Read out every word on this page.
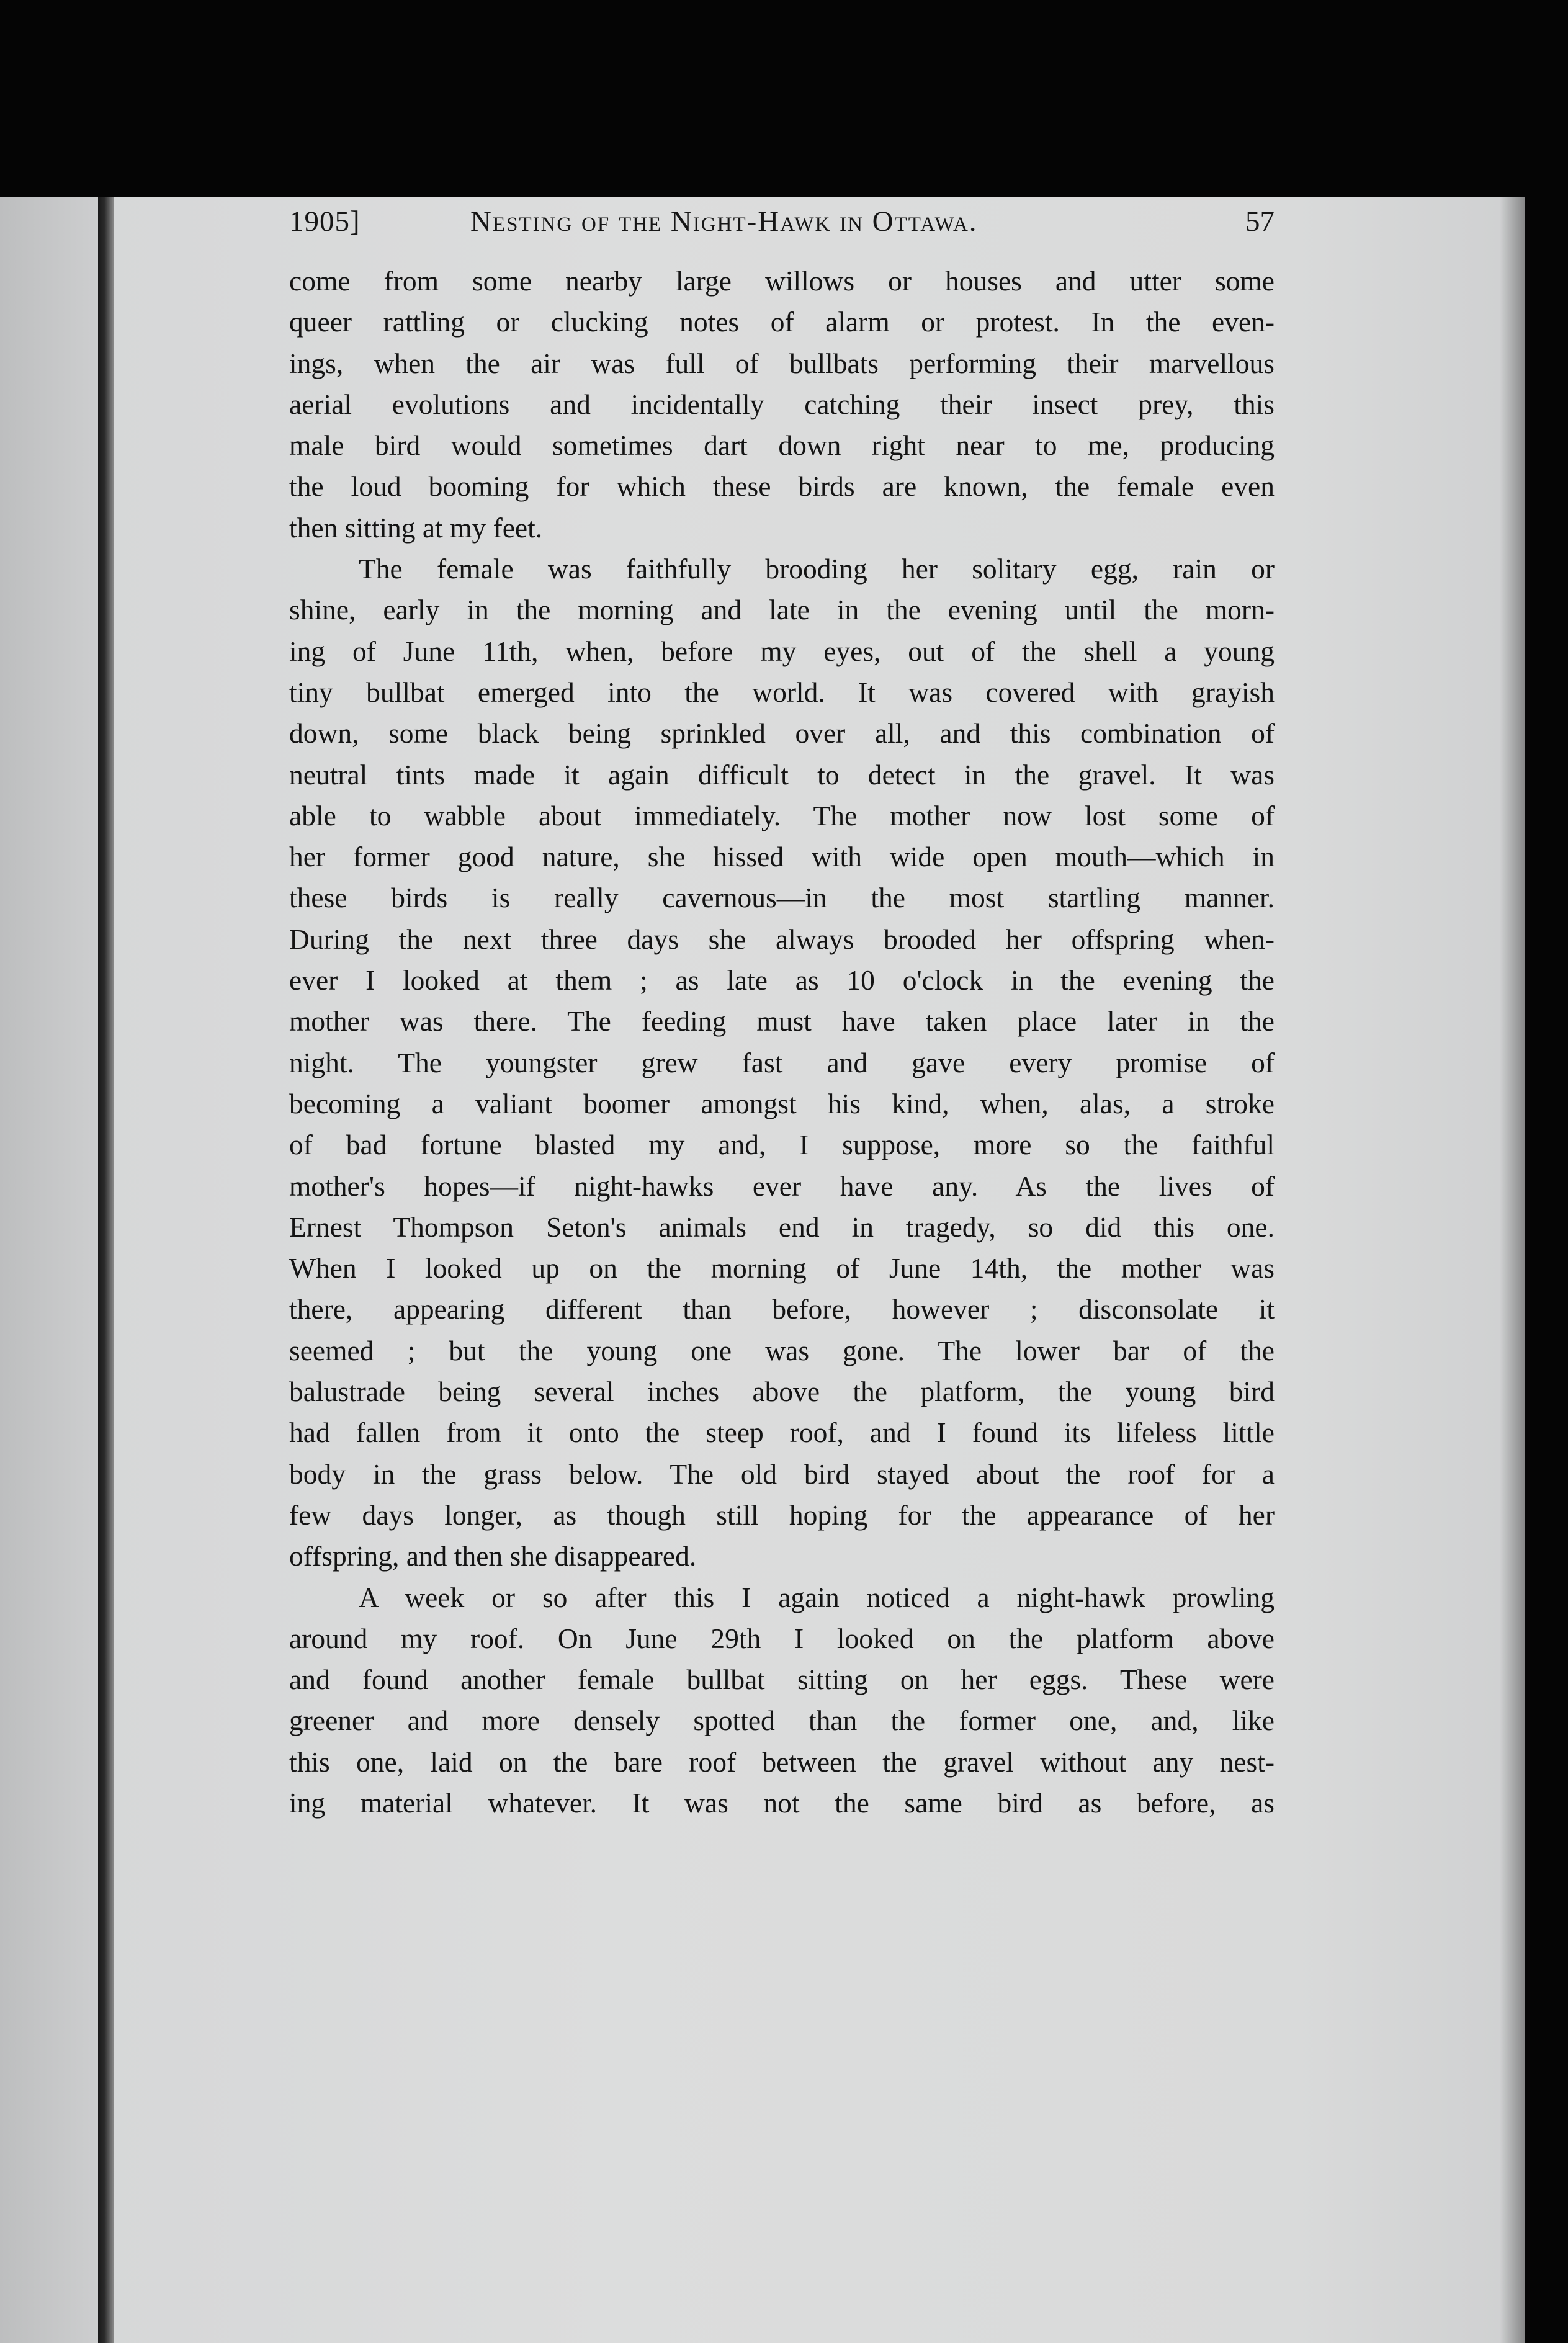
1905]	Nesting of the Night-Hawk in Ottawa.	57
come from some nearby large willows or houses and utter some
queer rattling or clucking notes of alarm or protest. In the even-
ings, when the air was full of bullbats performing their marvellous
aerial evolutions and incidentally catching their insect prey, this
male bird would sometimes dart down right near to me, producing
the loud booming for which these birds are known, the female even
then sitting at my feet.
The female was faithfully brooding her solitary egg, rain or
shine, early in the morning and late in the evening until the morn-
ing of June 11th, when, before my eyes, out of the shell a young
tiny bullbat emerged into the world. It was covered with grayish
down, some black being sprinkled over all, and this combination of
neutral tints made it again difficult to detect in the gravel. It was
able to wabble about immediately. The mother now lost some of
her former good nature, she hissed with wide open mouth—which in
these birds is really cavernous—in the most startling manner.
During the next three days she always brooded her offspring when-
ever I looked at them ; as late as 10 o'clock in the evening the
mother was there. The feeding must have taken place later in the
night. The youngster grew fast and gave every promise of
becoming a valiant boomer amongst his kind, when, alas, a stroke
of bad fortune blasted my and, I suppose, more so the faithful
mother's hopes—if night-hawks ever have any. As the lives of
Ernest Thompson Seton's animals end in tragedy, so did this one.
When I looked up on the morning of June 14th, the mother was
there, appearing different than before, however ; disconsolate it
seemed ; but the young one was gone. The lower bar of the
balustrade being several inches above the platform, the young bird
had fallen from it onto the steep roof, and I found its lifeless little
body in the grass below. The old bird stayed about the roof for a
few days longer, as though still hoping for the appearance of her
offspring, and then she disappeared.
A week or so after this I again noticed a night-hawk prowling
around my roof. On June 29th I looked on the platform above
and found another female bullbat sitting on her eggs. These were
greener and more densely spotted than the former one, and, like
this one, laid on the bare roof between the gravel without any nest-
ing material whatever. It was not the same bird as before, as
